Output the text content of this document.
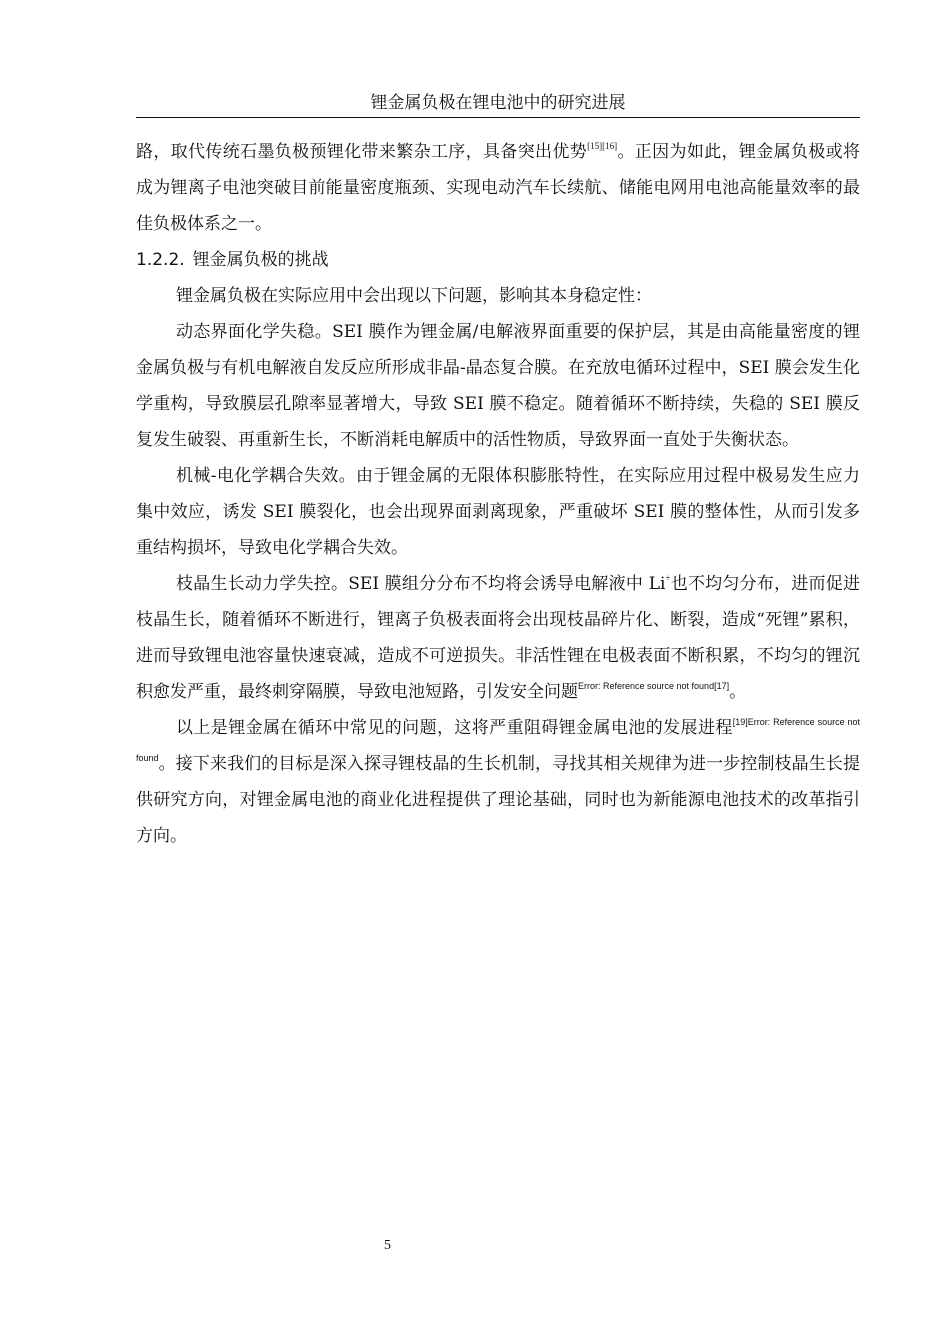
锂金属负极在锂电池中的研究进展

路，取代传统石墨负极预锂化带来繁杂工序，具备突出优势[15][16]。正因为如此，锂金属负极或将成为锂离子电池突破目前能量密度瓶颈、实现电动汽车长续航、储能电网用电池高能量效率的最佳负极体系之一。

1.2.2. 锂金属负极的挑战

锂金属负极在实际应用中会出现以下问题，影响其本身稳定性：

动态界面化学失稳。SEI 膜作为锂金属/电解液界面重要的保护层，其是由高能量密度的锂金属负极与有机电解液自发反应所形成非晶-晶态复合膜。在充放电循环过程中，SEI 膜会发生化学重构，导致膜层孔隙率显著增大，导致 SEI 膜不稳定。随着循环不断持续，失稳的 SEI 膜反复发生破裂、再重新生长，不断消耗电解质中的活性物质，导致界面一直处于失衡状态。

机械-电化学耦合失效。由于锂金属的无限体积膨胀特性，在实际应用过程中极易发生应力集中效应，诱发 SEI 膜裂化，也会出现界面剥离现象，严重破坏 SEI 膜的整体性，从而引发多重结构损坏，导致电化学耦合失效。

枝晶生长动力学失控。SEI 膜组分分布不均将会诱导电解液中 Li+也不均匀分布，进而促进枝晶生长，随着循环不断进行，锂离子负极表面将会出现枝晶碎片化、断裂，造成“死锂”累积，进而导致锂电池容量快速衰减，造成不可逆损失。非活性锂在电极表面不断积累，不均匀的锂沉积愈发严重，最终刺穿隔膜，导致电池短路，引发安全问题$^{Error: Reference source not found[17]}$。

以上是锂金属在循环中常见的问题，这将严重阻碍锂金属电池的发展进程$^{[19]Error: Reference source not found}$。接下来我们的目标是深入探寻锂枝晶的生长机制，寻找其相关规律为进一步控制枝晶生长提供研究方向，对锂金属电池的商业化进程提供了理论基础，同时也为新能源电池技术的改革指引方向。

5
